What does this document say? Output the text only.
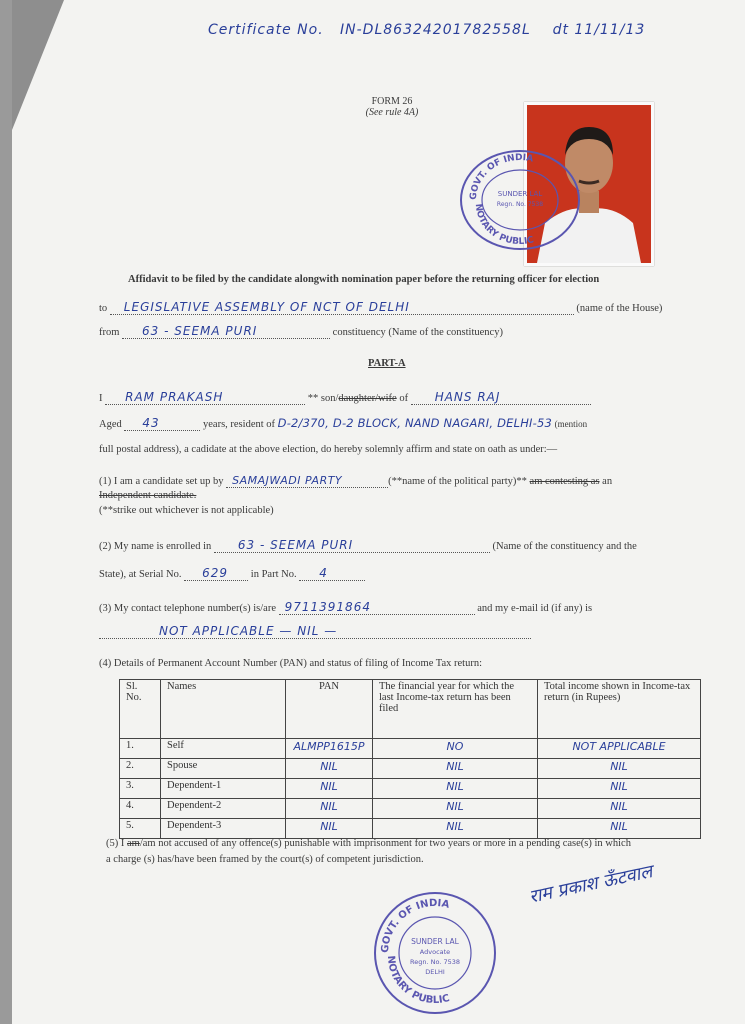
Certificate No. IN-DL86324201782558L dt 11/11/13
FORM 26
(See rule 4A)
GOVT. OF INDIA
NOTARY PUBLIC
SUNDER LAL
Regn. No. 7538
Affidavit to be filed by the candidate alongwith nomination paper before the returning officer for election
to LEGISLATIVE ASSEMBLY OF NCT OF DELHI	(name of the House)
from 63 - SEEMA PURI	constituency (Name of the constituency)
PART-A
I RAM PRAKASH	** son/daughter/wife of HANS RAJ
Aged 43	years, resident of D-2/370, D-2 BLOCK, NAND NAGARI, DELHI-53 (mention
full postal address), a cadidate at the above election, do hereby solemnly affirm and state on oath as under:—
(1) I am a candidate set up by SAMAJWADI PARTY	(**name of the political party)** am contesting as an
Independent candidate.
(**strike out whichever is not applicable)
(2) My name is enrolled in 63 - SEEMA PURI	(Name of the constituency and the
State), at Serial No. 629 in Part No. 4
(3) My contact telephone number(s) is/are 9711391864	and my e-mail id (if any) is
NOT APPLICABLE — NIL —
(4) Details of Permanent Account Number (PAN) and status of filing of Income Tax return:
Sl. No.	Names	PAN	The financial year for which the last Income-tax return has been filed	Total income shown in Income-tax return (in Rupees)
1.	Self	ALMPP1615P	NO	NOT APPLICABLE

2.	Spouse	NIL	NIL	NIL

3.	Dependent-1	NIL	NIL	NIL

4.	Dependent-2	NIL	NIL	NIL

5.	Dependent-3	NIL	NIL	NIL
(5) I am/am not accused of any offence(s) punishable with imprisonment for two years or more in a pending case(s) in which
a charge (s) has/have been framed by the court(s) of competent jurisdiction.
GOVT. OF INDIA
NOTARY PUBLIC
SUNDER LAL
Advocate
Regn. No. 7538
DELHI
राम प्रकाश ऊँटवाल
